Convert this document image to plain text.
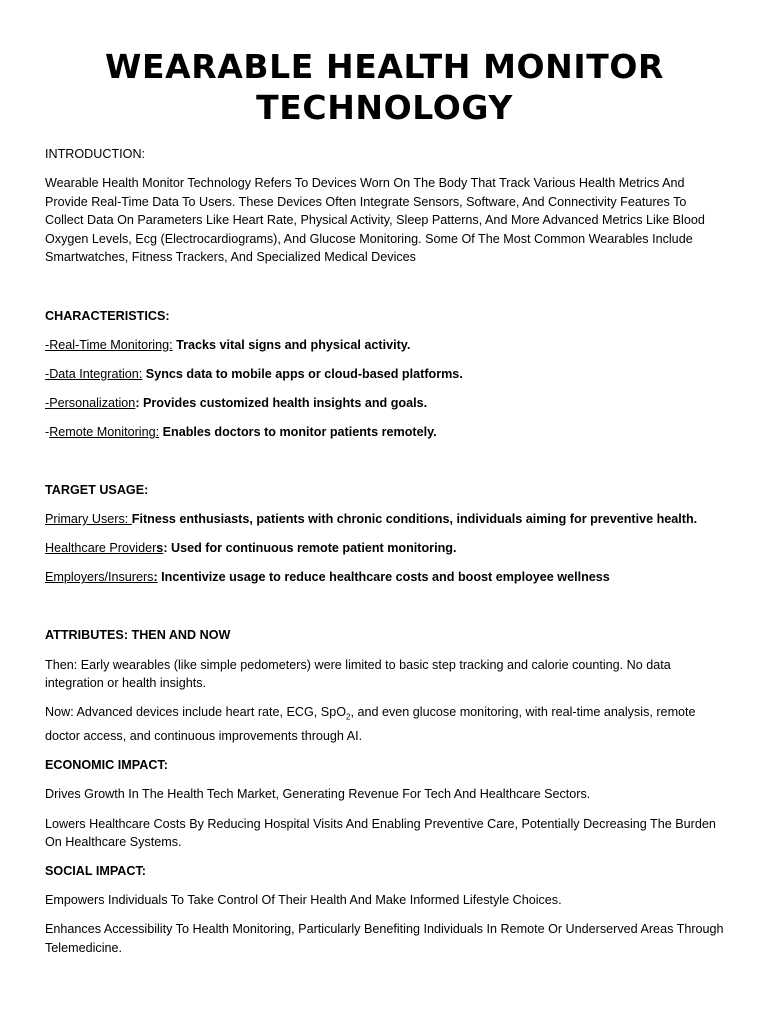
WEARABLE HEALTH MONITOR
TECHNOLOGY

INTRODUCTION:

Wearable Health Monitor Technology Refers To Devices Worn On The Body That Track Various Health Metrics And Provide Real-Time Data To Users. These Devices Often Integrate Sensors, Software, And Connectivity Features To Collect Data On Parameters Like Heart Rate, Physical Activity, Sleep Patterns, And More Advanced Metrics Like Blood Oxygen Levels, Ecg (Electrocardiograms), And Glucose Monitoring. Some Of The Most Common Wearables Include Smartwatches, Fitness Trackers, And Specialized Medical Devices

CHARACTERISTICS:

-Real-Time Monitoring: Tracks vital signs and physical activity.

-Data Integration: Syncs data to mobile apps or cloud-based platforms.

-Personalization: Provides customized health insights and goals.

-Remote Monitoring: Enables doctors to monitor patients remotely.

TARGET USAGE:

Primary Users: Fitness enthusiasts, patients with chronic conditions, individuals aiming for preventive health.

Healthcare Providers: Used for continuous remote patient monitoring.

Employers/Insurers: Incentivize usage to reduce healthcare costs and boost employee wellness

ATTRIBUTES: THEN AND NOW

Then: Early wearables (like simple pedometers) were limited to basic step tracking and calorie counting. No data integration or health insights.

Now: Advanced devices include heart rate, ECG, SpO$_2$, and even glucose monitoring, with real-time analysis, remote doctor access, and continuous improvements through AI.

ECONOMIC IMPACT:

Drives Growth In The Health Tech Market, Generating Revenue For Tech And Healthcare Sectors.

Lowers Healthcare Costs By Reducing Hospital Visits And Enabling Preventive Care, Potentially Decreasing The Burden On Healthcare Systems.

SOCIAL IMPACT:

Empowers Individuals To Take Control Of Their Health And Make Informed Lifestyle Choices.

Enhances Accessibility To Health Monitoring, Particularly Benefiting Individuals In Remote Or Underserved Areas Through Telemedicine.
